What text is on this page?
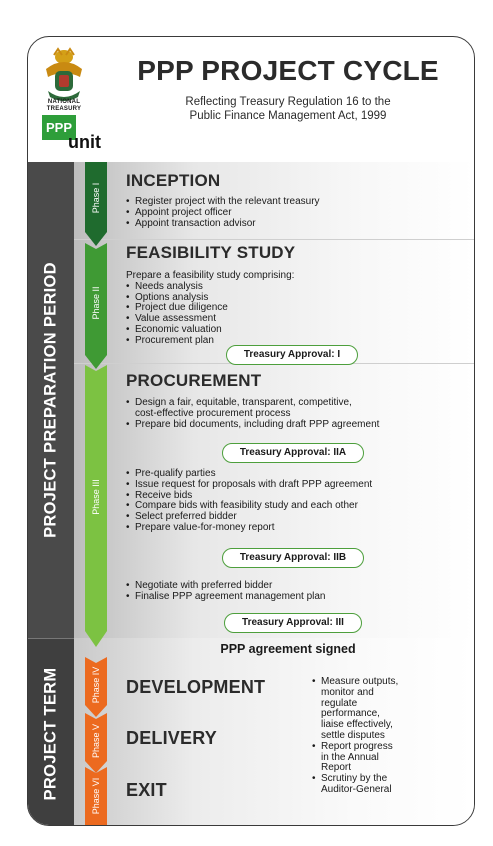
NATIONAL TREASURY
PPP
unit
PPP PROJECT CYCLE
Reflecting Treasury Regulation 16 to the
Public Finance Management Act, 1999
PROJECT PREPARATION PERIOD
PROJECT TERM
Phase I
Phase II
Phase III
Phase IV
Phase V
Phase VI
INCEPTION
• Register project with the relevant treasury
• Appoint project officer
• Appoint transaction advisor
FEASIBILITY STUDY

Prepare a feasibility study comprising:

• Needs analysis
• Options analysis
• Project due diligence
• Value assessment
• Economic valuation
• Procurement plan
Treasury Approval: I
PROCUREMENT
• Design a fair, equitable, transparent, competitive,
cost-effective procurement process
• Prepare bid documents, including draft PPP agreement
Treasury Approval: IIA
• Pre-qualify parties
• Issue request for proposals with draft PPP agreement
• Receive bids
• Compare bids with feasibility study and each other
• Select preferred bidder
• Prepare value-for-money report
Treasury Approval: IIB
• Negotiate with preferred bidder
• Finalise PPP agreement management plan
Treasury Approval: III
PPP agreement signed
DEVELOPMENT
DELIVERY
EXIT
• Measure outputs,
monitor and
regulate
performance,
liaise effectively,
settle disputes
• Report progress
in the Annual
Report
• Scrutiny by the
Auditor-General
